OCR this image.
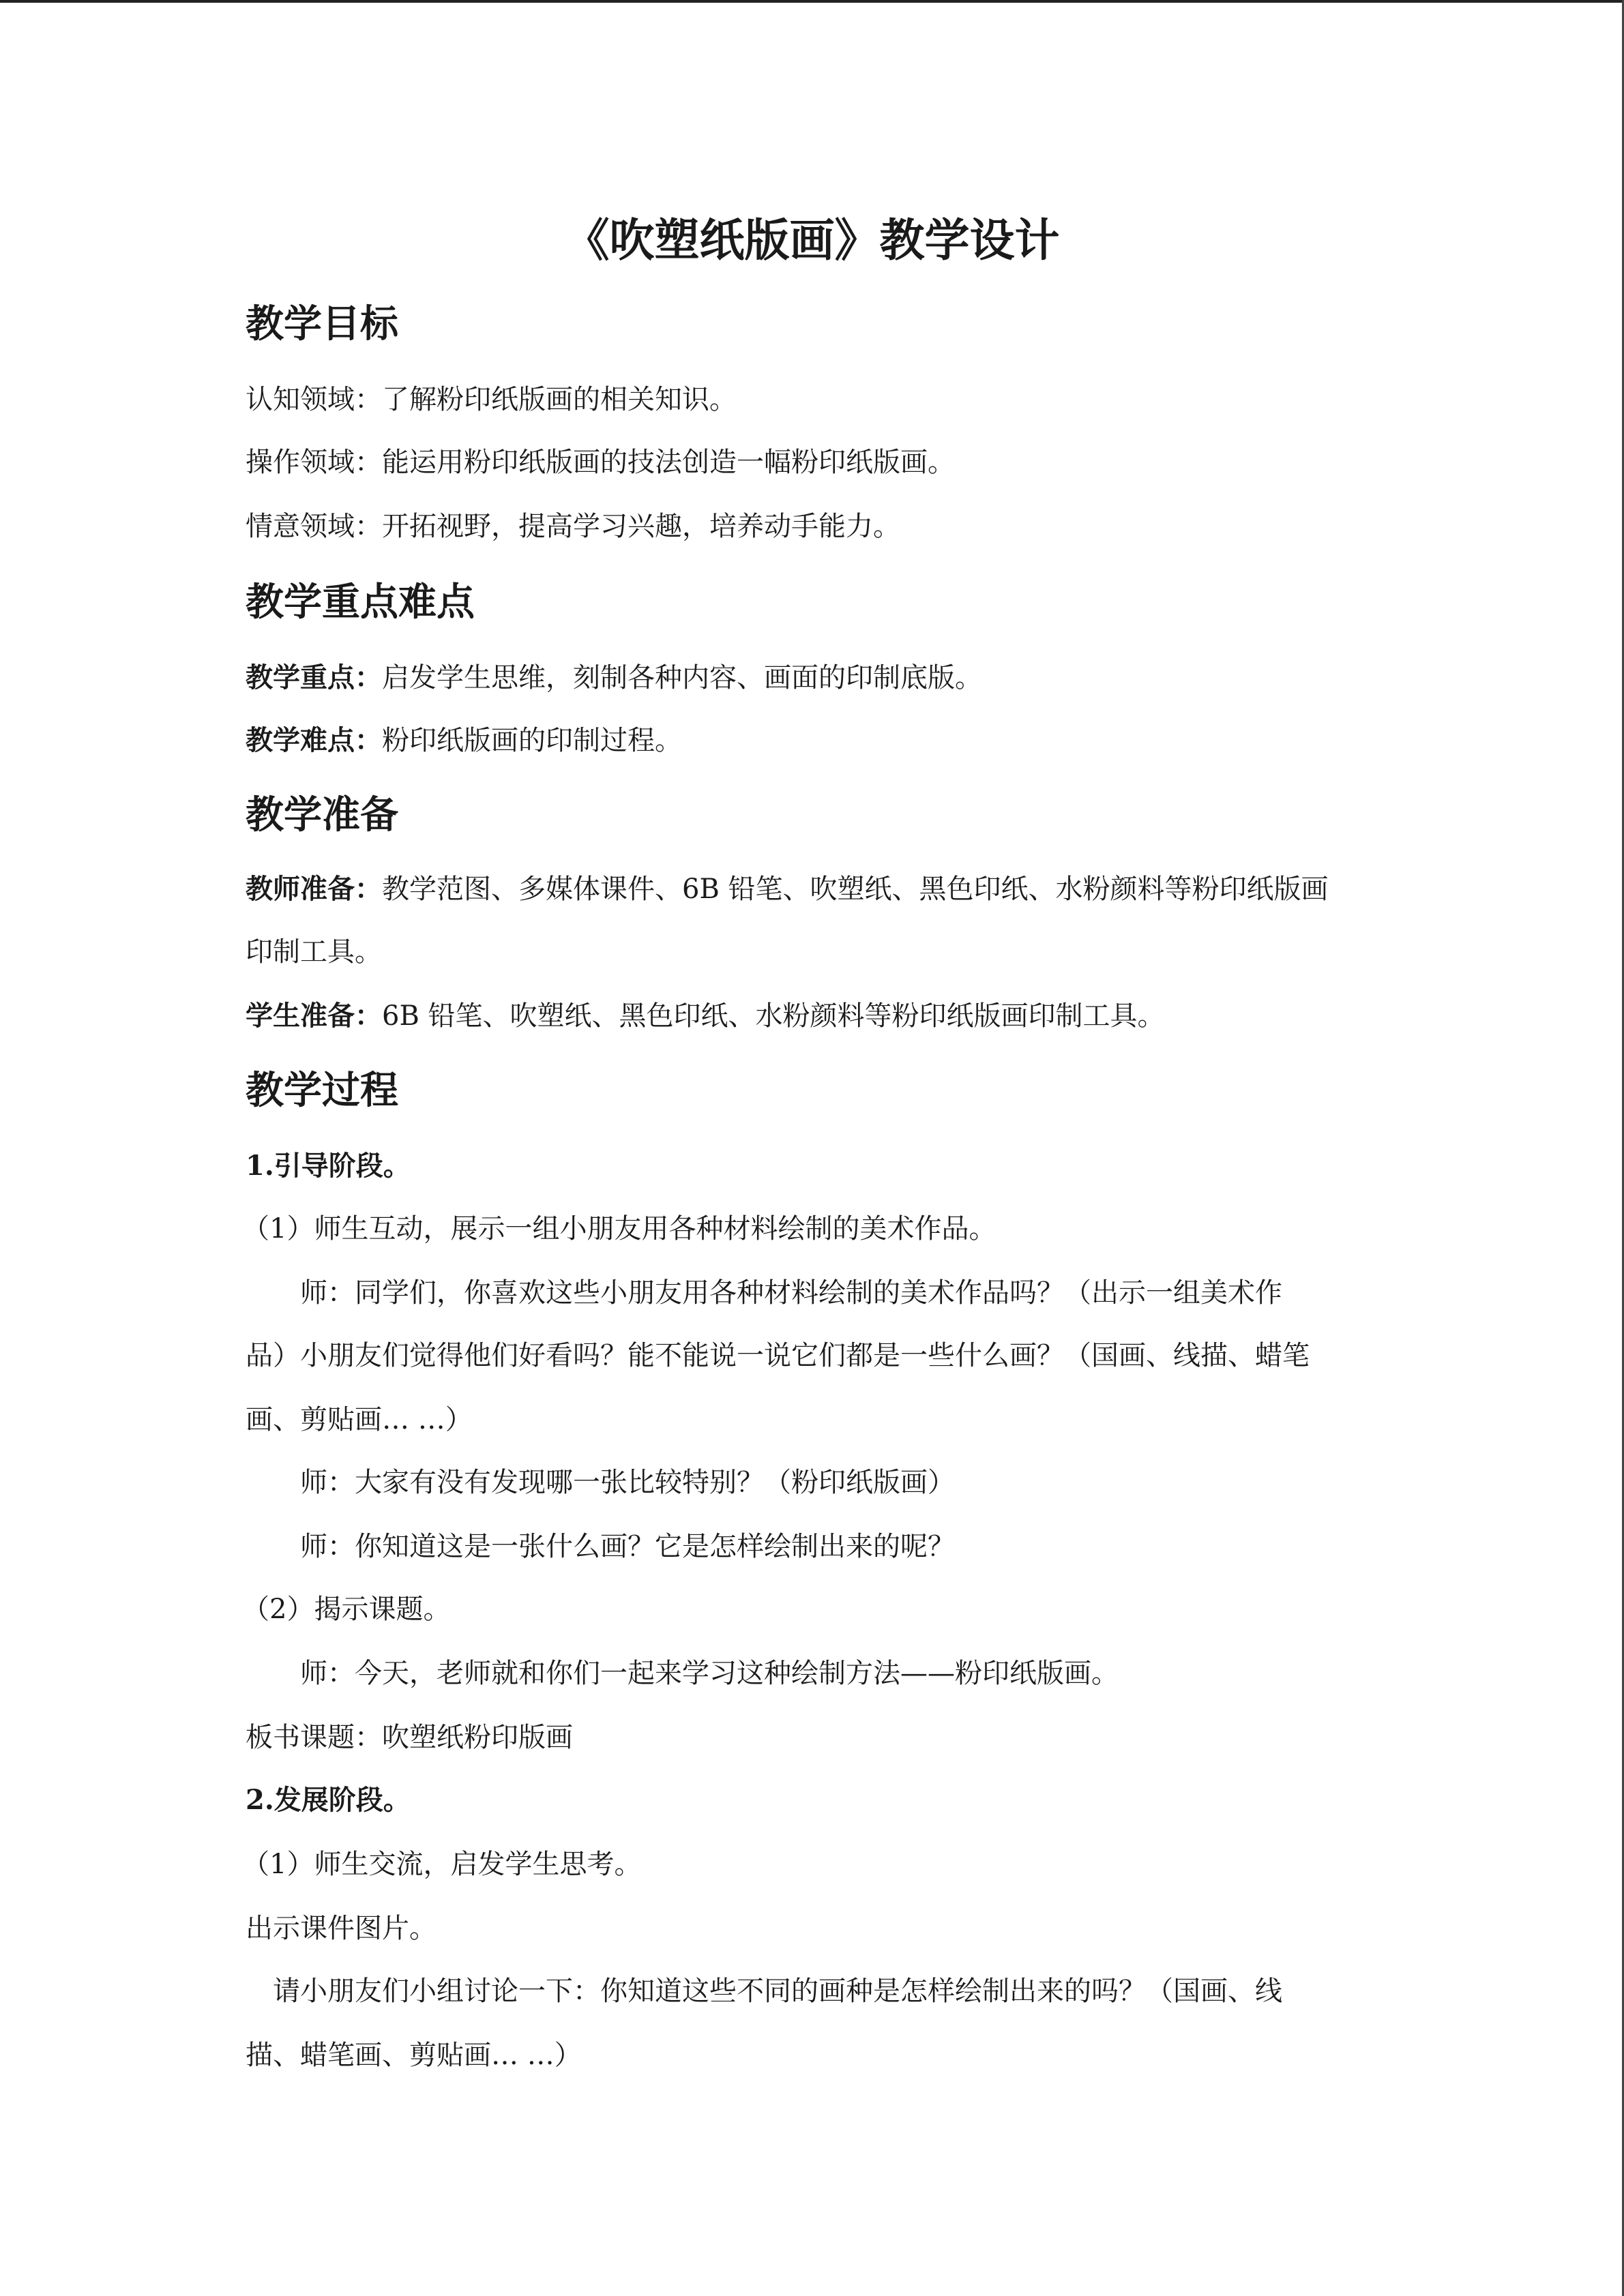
《吹塑纸版画》教学设计
教学目标

认知领域：了解粉印纸版画的相关知识。

操作领域：能运用粉印纸版画的技法创造一幅粉印纸版画。

情意领域：开拓视野，提高学习兴趣，培养动手能力。

教学重点难点

教学重点：启发学生思维，刻制各种内容、画面的印制底版。

教学难点：粉印纸版画的印制过程。

教学准备

教师准备：教学范图、多媒体课件、6B 铅笔、吹塑纸、黑色印纸、水粉颜料等粉印纸版画

印制工具。

学生准备：6B 铅笔、吹塑纸、黑色印纸、水粉颜料等粉印纸版画印制工具。

教学过程

1.引导阶段。

（1）师生互动，展示一组小朋友用各种材料绘制的美术作品。

师：同学们，你喜欢这些小朋友用各种材料绘制的美术作品吗？（出示一组美术作

品）小朋友们觉得他们好看吗？能不能说一说它们都是一些什么画？（国画、线描、蜡笔

画、剪贴画… …）

师：大家有没有发现哪一张比较特别？（粉印纸版画）

师：你知道这是一张什么画？它是怎样绘制出来的呢？

（2）揭示课题。

师：今天，老师就和你们一起来学习这种绘制方法——粉印纸版画。

板书课题：吹塑纸粉印版画

2.发展阶段。

（1）师生交流，启发学生思考。

出示课件图片。

请小朋友们小组讨论一下：你知道这些不同的画种是怎样绘制出来的吗？（国画、线

描、蜡笔画、剪贴画… …）
